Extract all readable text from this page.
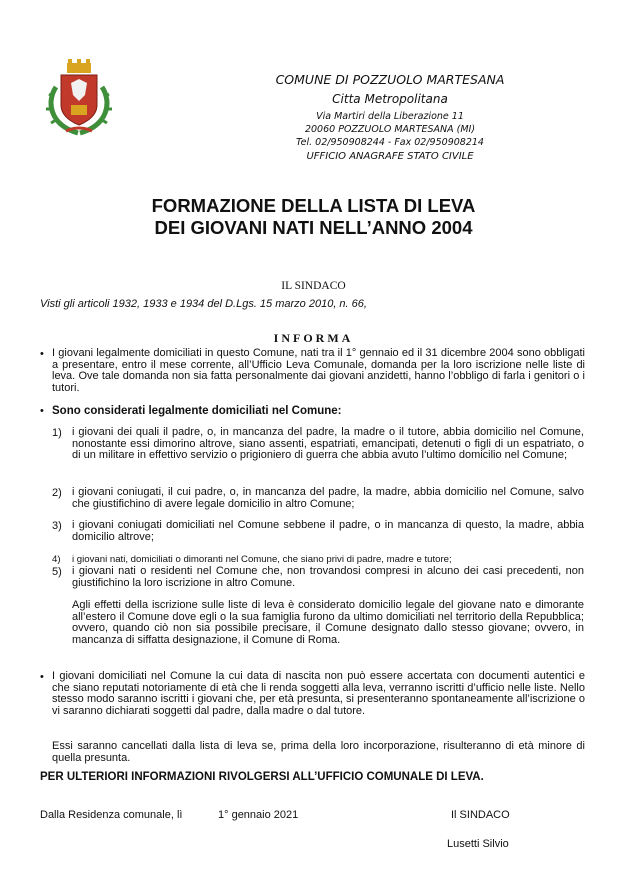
COMUNE DI POZZUOLO MARTESANA
Citta Metropolitana
Via Martiri della Liberazione 11
20060 POZZUOLO MARTESANA (MI)
Tel. 02/950908244 - Fax 02/950908214
UFFICIO ANAGRAFE STATO CIVILE
FORMAZIONE DELLA LISTA DI LEVA
DEI GIOVANI NATI NELL’ANNO 2004
IL SINDACO
Visti gli articoli 1932, 1933 e 1934 del D.Lgs. 15 marzo 2010, n. 66,
INFORMA
• I giovani legalmente domiciliati in questo Comune, nati tra il 1° gennaio ed il 31 dicembre 2004 sono obbligati a presentare, entro il mese corrente, all’Ufficio Leva Comunale, domanda per la loro iscrizione nelle liste di leva. Ove tale domanda non sia fatta personalmente dai giovani anzidetti, hanno l’obbligo di farla i genitori o i tutori.
• Sono considerati legalmente domiciliati nel Comune:
1) i giovani dei quali il padre, o, in mancanza del padre, la madre o il tutore, abbia domicilio nel Comune, nonostante essi dimorino altrove, siano assenti, espatriati, emancipati, detenuti o figli di un espatriato, o di un militare in effettivo servizio o prigioniero di guerra che abbia avuto l’ultimo domicilio nel Comune;
2) i giovani coniugati, il cui padre, o, in mancanza del padre, la madre, abbia domicilio nel Comune, salvo che giustifichino di avere legale domicilio in altro Comune;
3) i giovani coniugati domiciliati nel Comune sebbene il padre, o in mancanza di questo, la madre, abbia domicilio altrove;
4) i giovani nati, domiciliati o dimoranti nel Comune, che siano privi di padre, madre e tutore;
5) i giovani nati o residenti nel Comune che, non trovandosi compresi in alcuno dei casi precedenti, non giustifichino la loro iscrizione in altro Comune.
Agli effetti della iscrizione sulle liste di leva è considerato domicilio legale del giovane nato e dimorante all’estero il Comune dove egli o la sua famiglia furono da ultimo domiciliati nel territorio della Repubblica; ovvero, quando ciò non sia possibile precisare, il Comune designato dallo stesso giovane; ovvero, in mancanza di siffatta designazione, il Comune di Roma.
• I giovani domiciliati nel Comune la cui data di nascita non può essere accertata con documenti autentici e che siano reputati notoriamente di età che li renda soggetti alla leva, verranno iscritti d’ufficio nelle liste. Nello stesso modo saranno iscritti i giovani che, per età presunta, si presenteranno spontaneamente all’iscrizione o vi saranno dichiarati soggetti dal padre, dalla madre o dal tutore.
Essi saranno cancellati dalla lista di leva se, prima della loro incorporazione, risulteranno di età minore di quella presunta.
PER ULTERIORI INFORMAZIONI RIVOLGERSI ALL’UFFICIO COMUNALE DI LEVA.
Dalla Residenza comunale, lì	1° gennaio 2021	Il SINDACO
Lusetti Silvio
